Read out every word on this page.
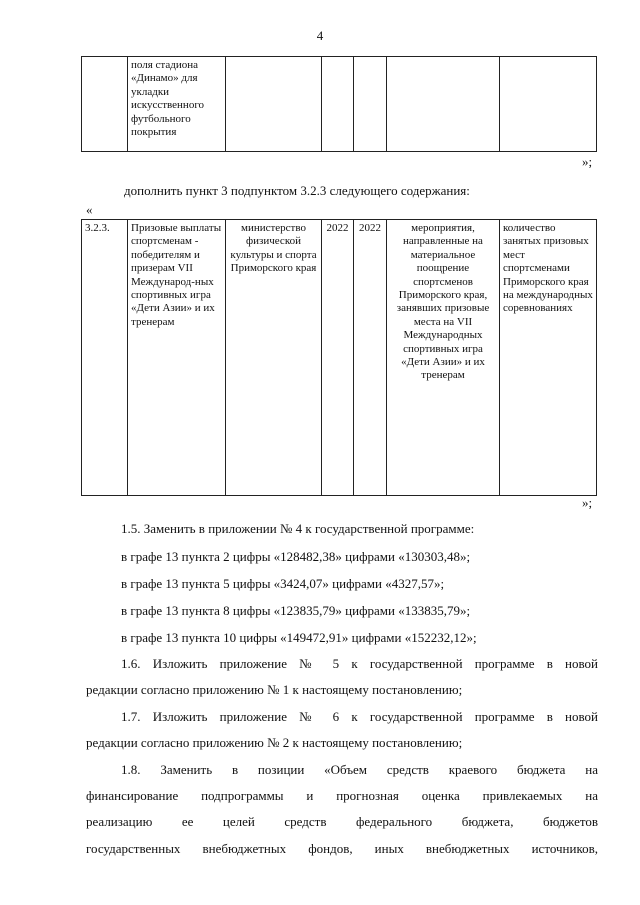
4
	поля стадиона «Динамо» для укладки искусственного футбольного покрытия					
»;
дополнить пункт 3 подпунктом 3.2.3 следующего содержания:
«
3.2.3.	Призовые выплаты спортсменам - победителям и призерам VII Международ-ных спортивных игра «Дети Азии» и их тренерам	министерство физической культуры и спорта Приморского края	2022	2022	мероприятия, направленные на материальное поощрение спортсменов Приморского края, занявших призовые места на VII Международных спортивных игра «Дети Азии» и их тренерам	количество занятых призовых мест спортсменами Приморского края на международных соревнованиях
»;
1.5. Заменить в приложении № 4 к государственной программе:
в графе 13 пункта 2 цифры «128482,38» цифрами «130303,48»;
в графе 13 пункта 5 цифры «3424,07» цифрами «4327,57»;
в графе 13 пункта 8 цифры «123835,79» цифрами «133835,79»;
в графе 13 пункта 10 цифры «149472,91» цифрами «152232,12»;
1.6. Изложить приложение № 5 к государственной программе в новой
редакции согласно приложению № 1 к настоящему постановлению;
1.7. Изложить приложение № 6 к государственной программе в новой
редакции согласно приложению № 2 к настоящему постановлению;
1.8. Заменить в позиции «Объем средств краевого бюджета на
финансирование подпрограммы и прогнозная оценка привлекаемых на
реализацию ее целей средств федерального бюджета, бюджетов
государственных внебюджетных фондов, иных внебюджетных источников,
